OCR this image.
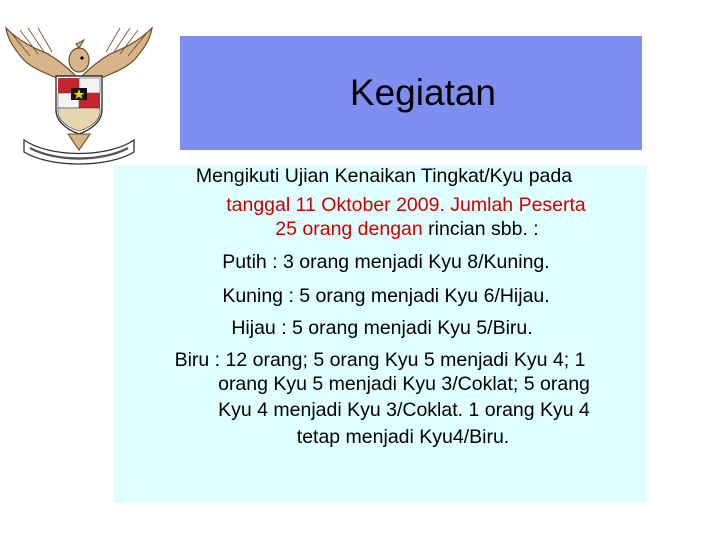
Kegiatan
Mengikuti Ujian Kenaikan Tingkat/Kyu pada
tanggal 11 Oktober 2009. Jumlah Peserta
25 orang dengan rincian sbb. :
Putih : 3 orang menjadi Kyu 8/Kuning.
Kuning : 5 orang menjadi Kyu 6/Hijau.
Hijau : 5 orang menjadi Kyu 5/Biru.
Biru : 12 orang; 5 orang Kyu 5 menjadi Kyu 4; 1
orang Kyu 5 menjadi Kyu 3/Coklat; 5 orang
Kyu 4 menjadi Kyu 3/Coklat. 1 orang Kyu 4
tetap menjadi Kyu4/Biru.
